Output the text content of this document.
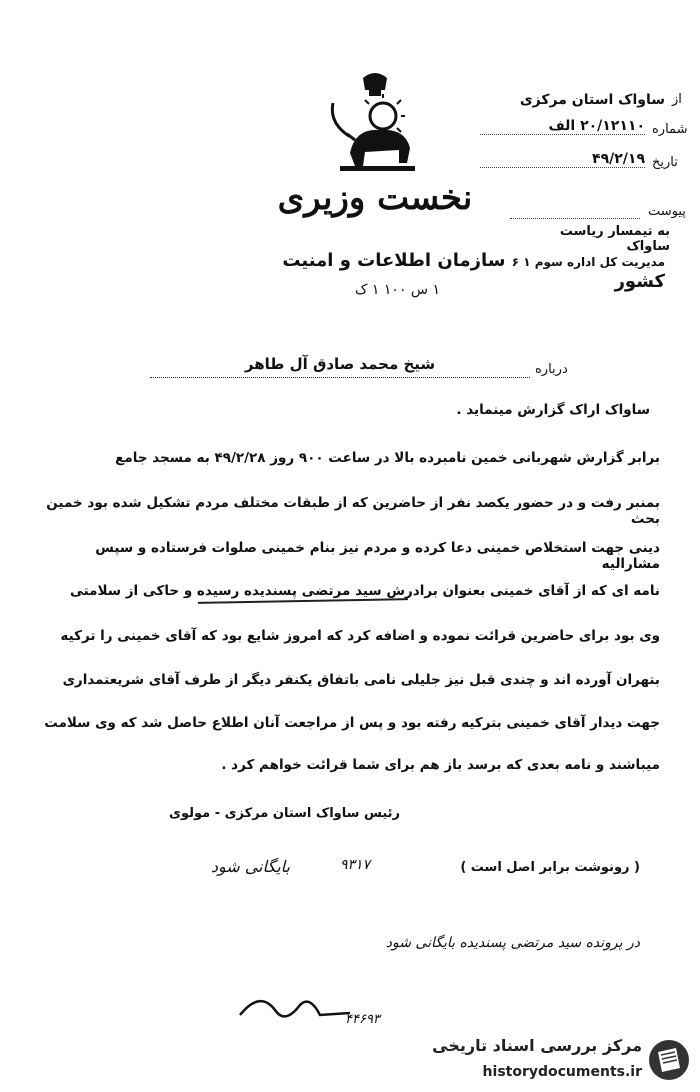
نخست وزیری
مدیریت کل اداره سوم ۱ ۶ سازمان اطلاعات و امنیت کشور
۱ س ۱۰۰ ۱ ک
از
ساواک استان مرکزی
شماره
۲۰/۱۲۱۱۰ الف
تاریخ
۴۹/۲/۱۹
پیوست
به تیمسار ریاست ساواک
درباره
شیخ محمد صادق آل طاهر
ساواک اراک گزارش مینماید .
برابر گزارش شهربانی خمین نامبرده بالا در ساعت ۹۰۰ روز ۴۹/۲/۲۸ به مسجد جامع
بمنبر رفت و در حضور یکصد نفر از حاضرین که از طبقات مختلف مردم تشکیل شده بود خمین بحث
دینی جهت استخلاص خمینی دعا کرده و مردم نیز بنام خمینی صلوات فرستاده و سپس مشارالیه
نامه ای که از آقای خمینی بعنوان برادرش سید مرتضی پسندیده رسیده و حاکی از سلامتی
وی بود برای حاضرین قرائت نموده و اضافه کرد که امروز شایع بود که آقای خمینی را ترکیه
بتهران آورده اند و چندی قبل نیز جلیلی نامی باتفاق یکنفر دیگر از طرف آقای شریعتمداری
جهت دیدار آقای خمینی بترکیه رفته بود و پس از مراجعت آنان اطلاع حاصل شد که وی سلامت
میباشند و نامه بعدی که برسد باز هم برای شما قرائت خواهم کرد .
رئیس ساواک استان مرکزی - مولوی
( رونوشت برابر اصل است )
۹۳۱۷
بایگانی شود
در پرونده سید مرتضی پسندیده بایگانی شود
۴۴۶۹۳
مرکز بررسی اسناد تاریخی
historydocuments.ir
